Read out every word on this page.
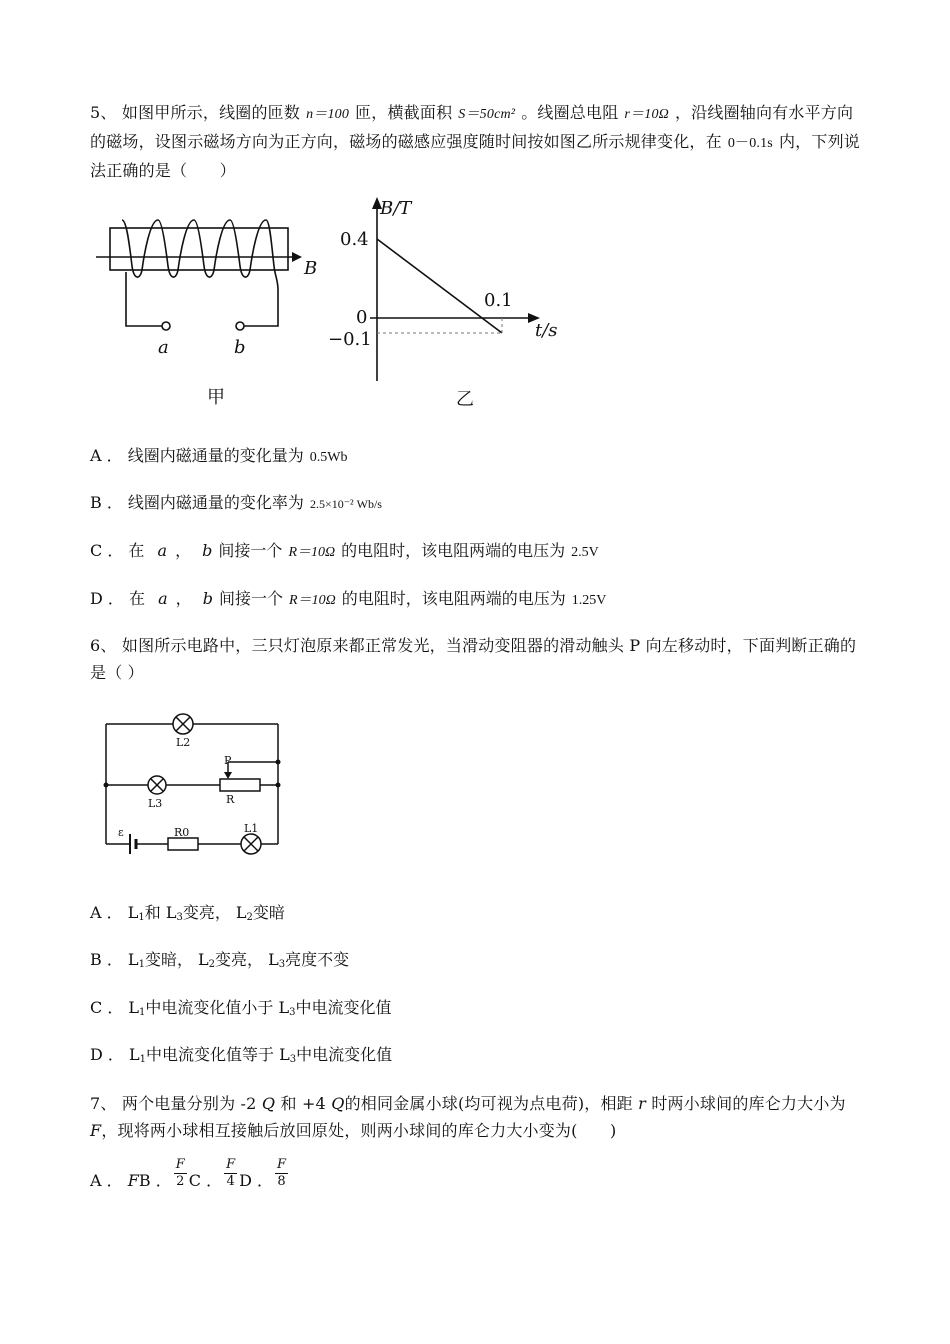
5、 如图甲所示，线圈的匝数 n＝100 匝，横截面积 S＝50cm² 。线圈总电阻 r＝10Ω ，沿线圈轴向有水平方向的磁场，设图示磁场方向为正方向，磁场的磁感应强度随时间按如图乙所示规律变化，在 0－0.1s 内，下列说法正确的是（　　）
B
a	b
甲
B/T
0.4
0
−0.1
0.1
t/s
乙
A ． 线圈内磁通量的变化量为 0.5Wb
B ． 线圈内磁通量的变化率为 2.5×10⁻² Wb/s
C ． 在 a ， b 间接一个 R＝10Ω 的电阻时，该电阻两端的电压为 2.5V
D ． 在 a ， b 间接一个 R＝10Ω 的电阻时，该电阻两端的电压为 1.25V
6、 如图所示电路中，三只灯泡原来都正常发光，当滑动变阻器的滑动触头 P 向左移动时，下面判断正确的是（ ）
L2
L3
P
R
ε	R0	L1
A ． $L_1$和 $L_3$变亮， $L_2$变暗
B ． $L_1$变暗， $L_2$变亮， $L_3$亮度不变
C ． $L_1$中电流变化值小于 $L_3$中电流变化值
D ． $L_1$中电流变化值等于 $L_3$中电流变化值
7、 两个电量分别为 -2 Q 和 +4 Q的相同金属小球(均可视为点电荷)，相距 r 时两小球间的库仑力大小为 F，现将两小球相互接触后放回原处，则两小球间的库仑力大小变为(　　)
A ． FB ． $\frac{F}{2}$ C ． $\frac{F}{4}$ D ． $\frac{F}{8}$
